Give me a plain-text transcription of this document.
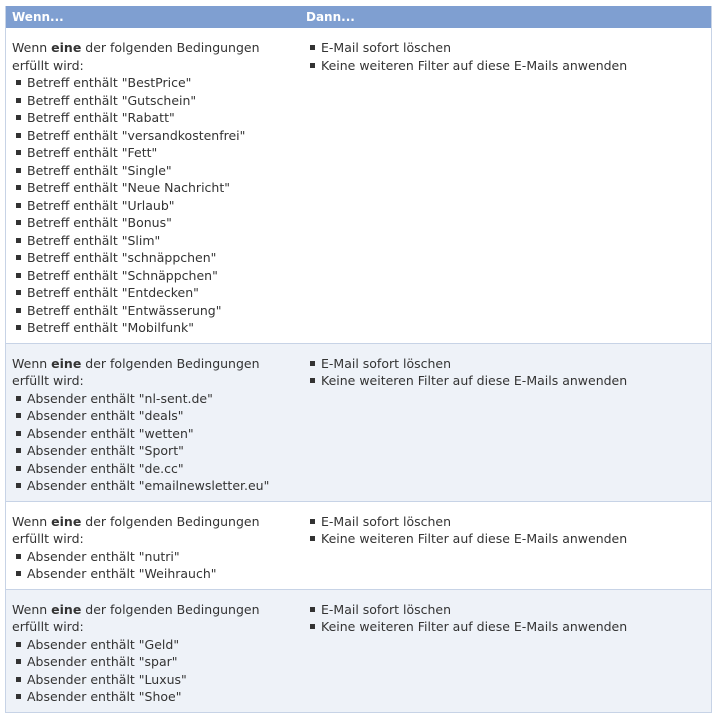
Wenn...	Dann...
Wenn eine der folgenden Bedingungen
erfüllt wird:
Betreff enthält "BestPrice"
Betreff enthält "Gutschein"
Betreff enthält "Rabatt"
Betreff enthält "versandkostenfrei"
Betreff enthält "Fett"
Betreff enthält "Single"
Betreff enthält "Neue Nachricht"
Betreff enthält "Urlaub"
Betreff enthält "Bonus"
Betreff enthält "Slim"
Betreff enthält "schnäppchen"
Betreff enthält "Schnäppchen"
Betreff enthält "Entdecken"
Betreff enthält "Entwässerung"
Betreff enthält "Mobilfunk"
E-Mail sofort löschen
Keine weiteren Filter auf diese E-Mails anwenden
Wenn eine der folgenden Bedingungen
erfüllt wird:
Absender enthält "nl-sent.de"
Absender enthält "deals"
Absender enthält "wetten"
Absender enthält "Sport"
Absender enthält "de.cc"
Absender enthält "emailnewsletter.eu"
E-Mail sofort löschen
Keine weiteren Filter auf diese E-Mails anwenden
Wenn eine der folgenden Bedingungen
erfüllt wird:
Absender enthält "nutri"
Absender enthält "Weihrauch"
E-Mail sofort löschen
Keine weiteren Filter auf diese E-Mails anwenden
Wenn eine der folgenden Bedingungen
erfüllt wird:
Absender enthält "Geld"
Absender enthält "spar"
Absender enthält "Luxus"
Absender enthält "Shoe"
E-Mail sofort löschen
Keine weiteren Filter auf diese E-Mails anwenden
